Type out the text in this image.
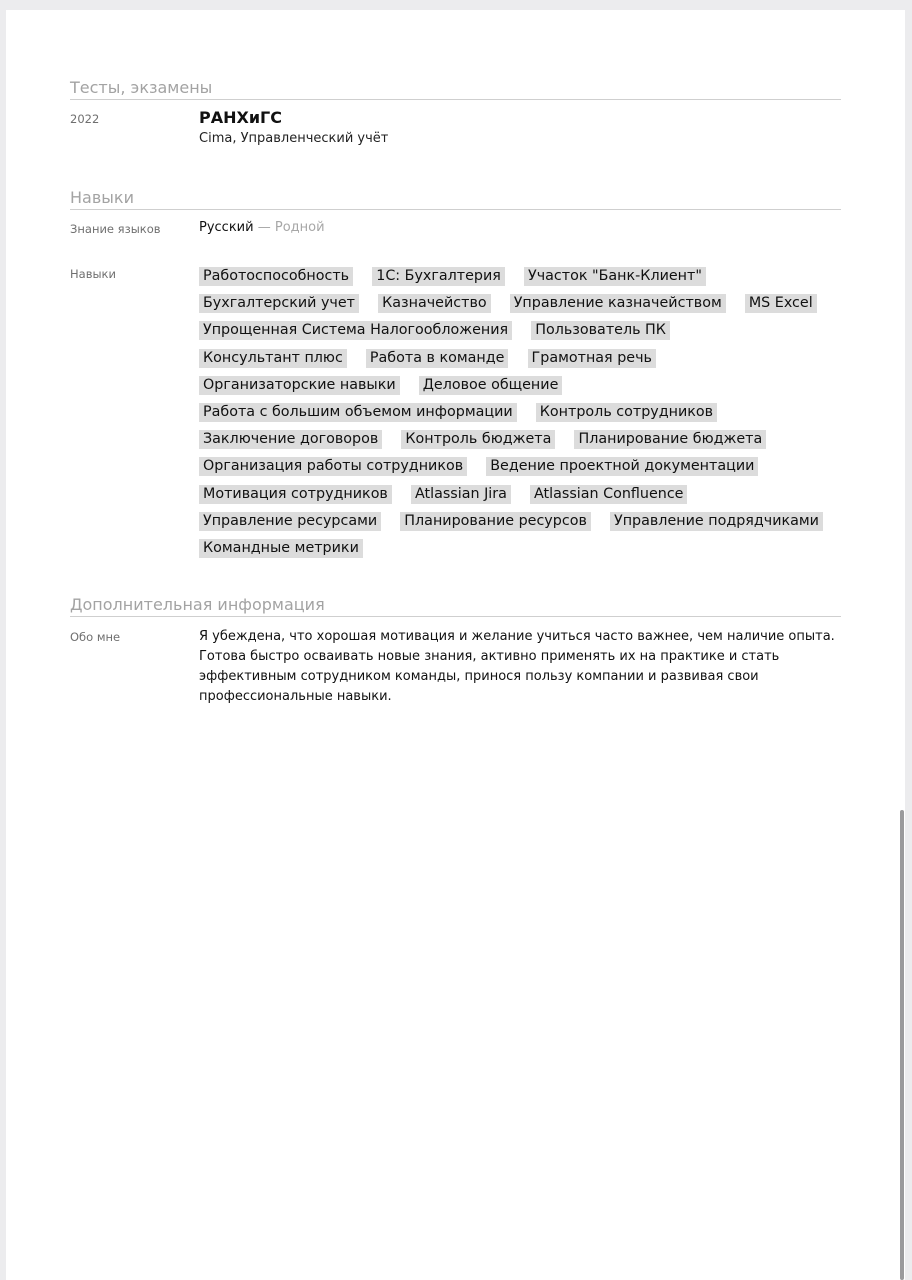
Тесты, экзамены
2022	РАНХиГС
Cima, Управленческий учёт
Навыки
Знание языков	Русский — Родной
Навыки	Работоспособность 1С: Бухгалтерия Участок "Банк-Клиент" Бухгалтерский учет Казначейство Управление казначейством MS Excel Упрощенная Система Налогообложения Пользователь ПК Консультант плюс Работа в команде Грамотная речь Организаторские навыки Деловое общение Работа с большим объемом информации Контроль сотрудников Заключение договоров Контроль бюджета Планирование бюджета Организация работы сотрудников Ведение проектной документации Мотивация сотрудников Atlassian Jira Atlassian Confluence Управление ресурсами Планирование ресурсов Управление подрядчиками Командные метрики
Дополнительная информация
Обо мне	Я убеждена, что хорошая мотивация и желание учиться часто важнее, чем наличие опыта.
Готова быстро осваивать новые знания, активно применять их на практике и стать
эффективным сотрудником команды, принося пользу компании и развивая свои
профессиональные навыки.
